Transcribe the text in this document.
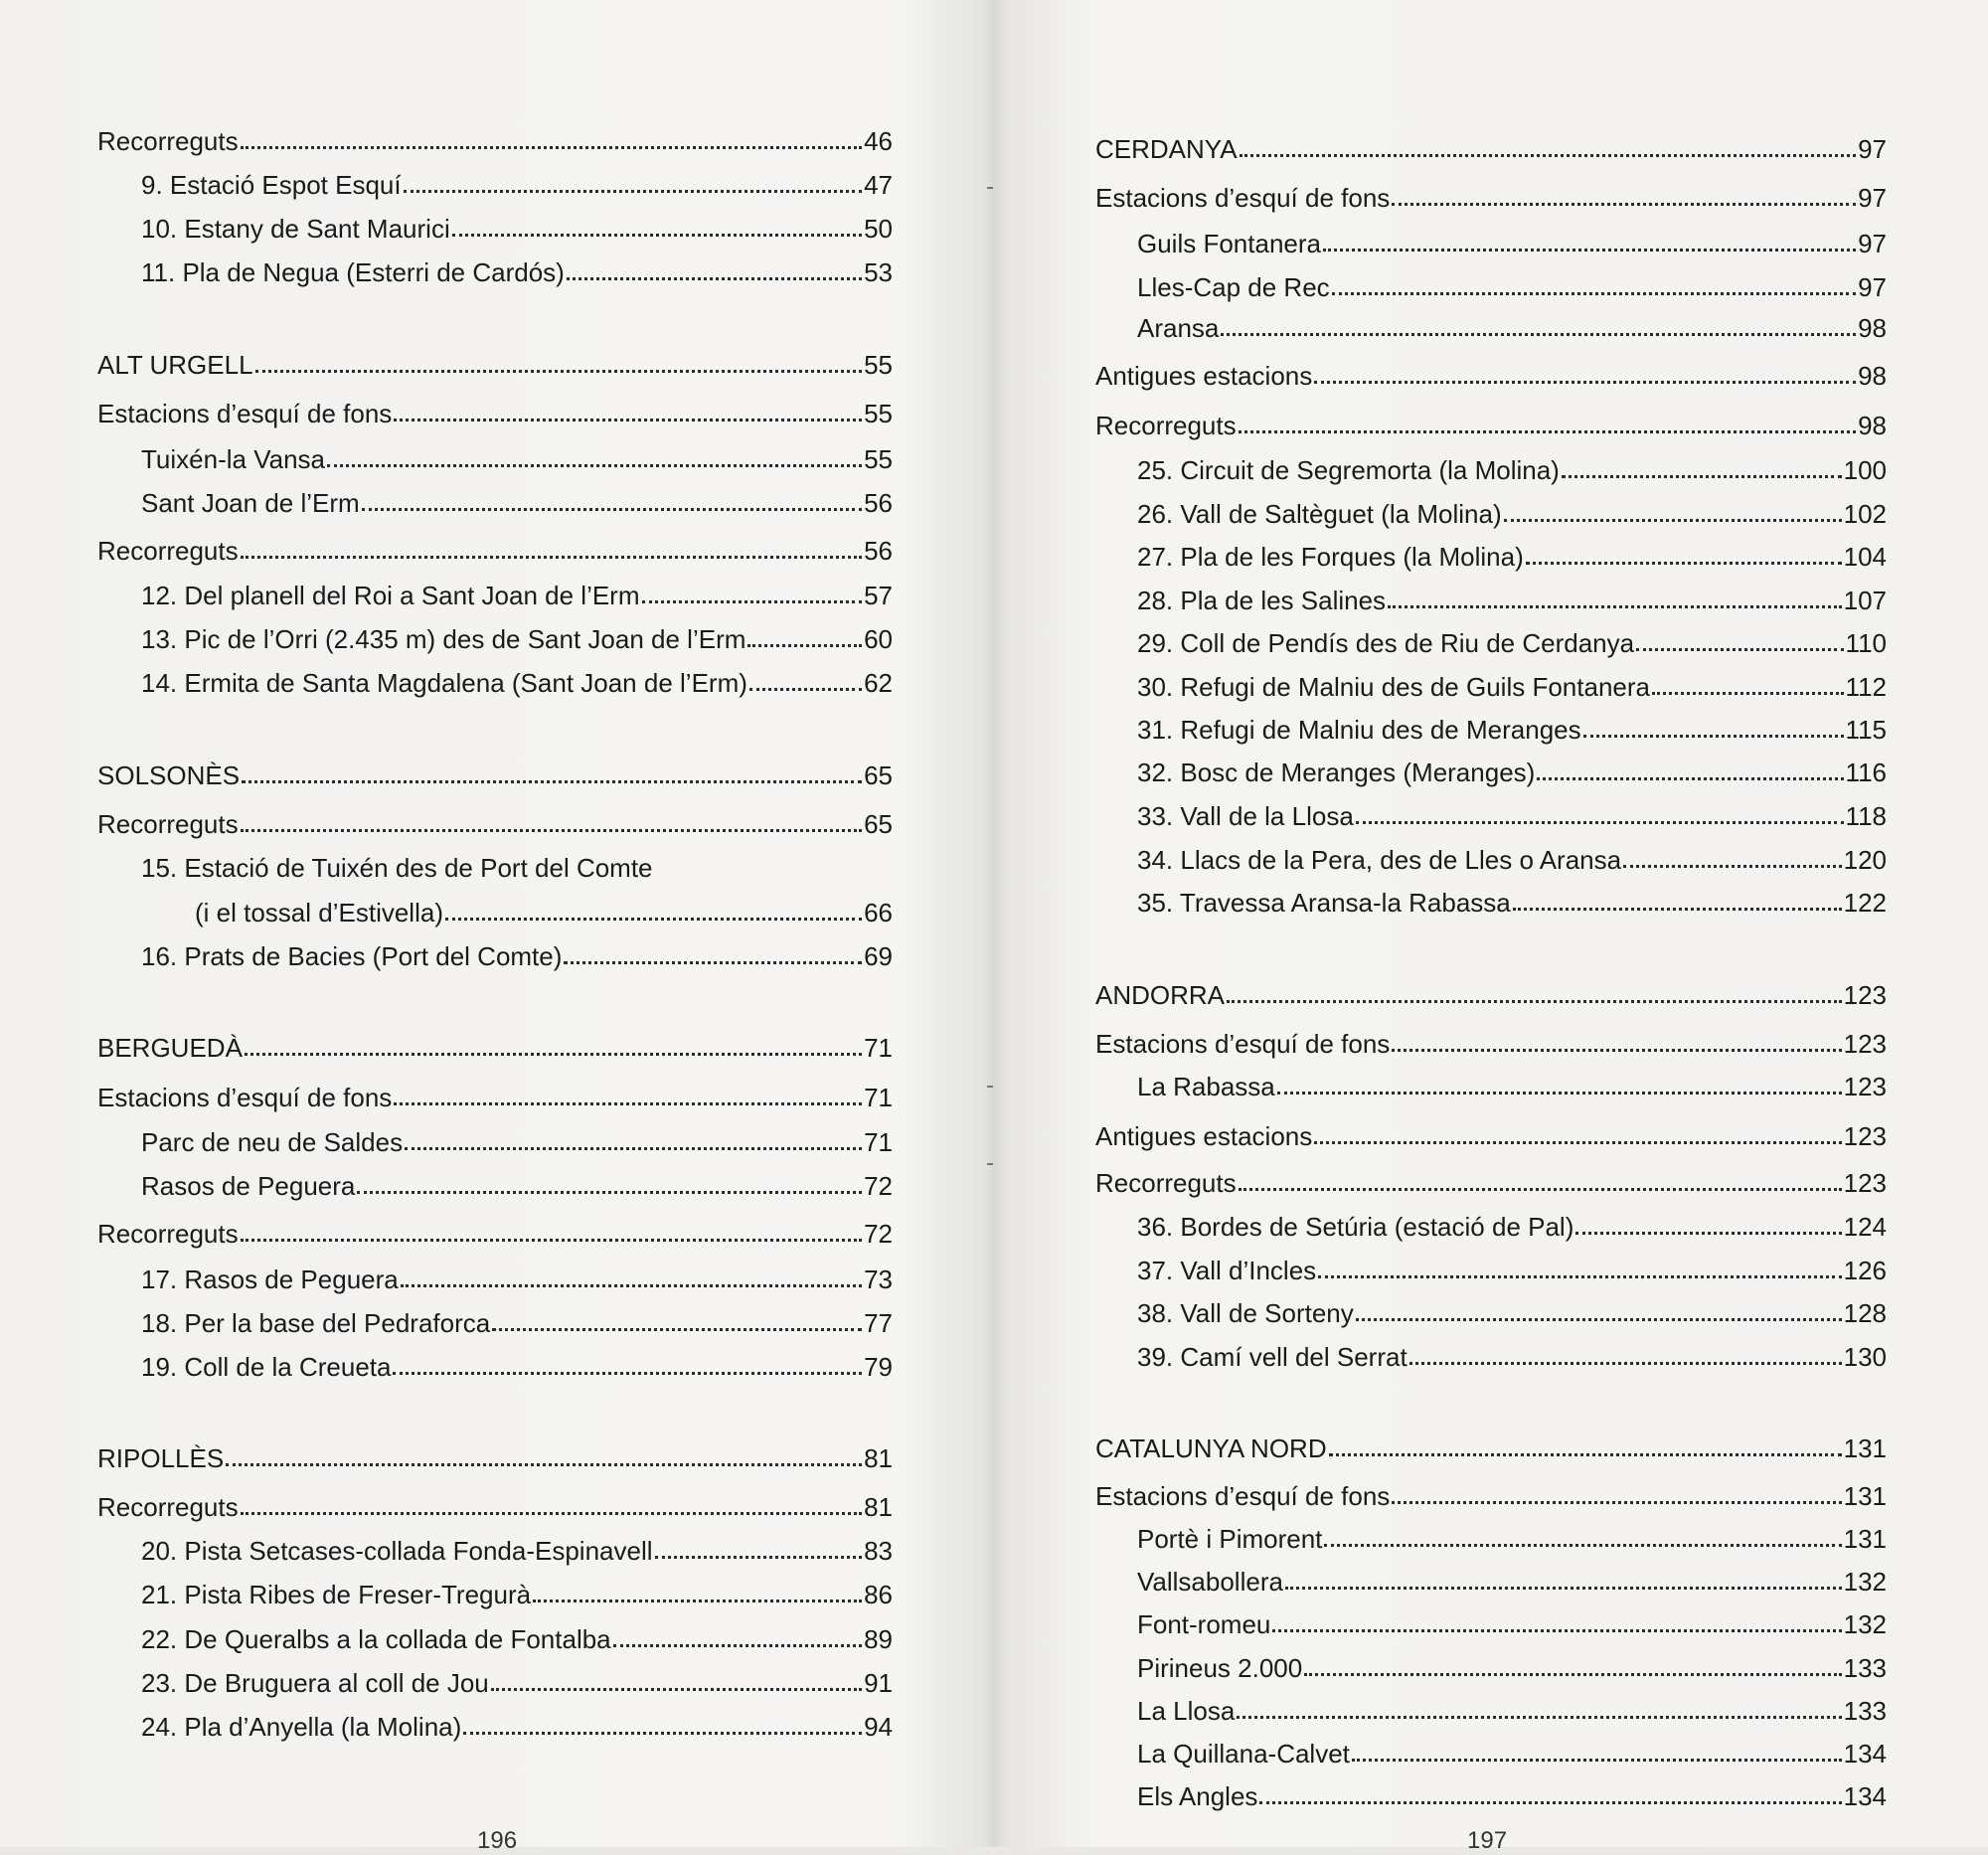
Recorreguts	46
9. Estació Espot Esquí	47
10. Estany de Sant Maurici	50
11. Pla de Negua (Esterri de Cardós)	53
ALT URGELL	55
Estacions d’esquí de fons	55
Tuixén-la Vansa	55
Sant Joan de l’Erm	56
Recorreguts	56
12. Del planell del Roi a Sant Joan de l’Erm	57
13. Pic de l’Orri (2.435 m) des de Sant Joan de l’Erm	60
14. Ermita de Santa Magdalena (Sant Joan de l’Erm)	62
SOLSONÈS	65
Recorreguts	65
15. Estació de Tuixén des de Port del Comte
(i el tossal d’Estivella)	66
16. Prats de Bacies (Port del Comte)	69
BERGUEDÀ	71
Estacions d’esquí de fons	71
Parc de neu de Saldes	71
Rasos de Peguera	72
Recorreguts	72
17. Rasos de Peguera	73
18. Per la base del Pedraforca	77
19. Coll de la Creueta	79
RIPOLLÈS	81
Recorreguts	81
20. Pista Setcases-collada Fonda-Espinavell	83
21. Pista Ribes de Freser-Tregurà	86
22. De Queralbs a la collada de Fontalba	89
23. De Bruguera al coll de Jou	91
24. Pla d’Anyella (la Molina)	94
196
CERDANYA	97
Estacions d’esquí de fons	97
Guils Fontanera	97
Lles-Cap de Rec	97
Aransa	98
Antigues estacions	98
Recorreguts	98
25. Circuit de Segremorta (la Molina)	100
26. Vall de Saltèguet (la Molina)	102
27. Pla de les Forques (la Molina)	104
28. Pla de les Salines	107
29. Coll de Pendís des de Riu de Cerdanya	110
30. Refugi de Malniu des de Guils Fontanera	112
31. Refugi de Malniu des de Meranges	115
32. Bosc de Meranges (Meranges)	116
33. Vall de la Llosa	118
34. Llacs de la Pera, des de Lles o Aransa	120
35. Travessa Aransa-la Rabassa	122
ANDORRA	123
Estacions d’esquí de fons	123
La Rabassa	123
Antigues estacions	123
Recorreguts	123
36. Bordes de Setúria (estació de Pal)	124
37. Vall d’Incles	126
38. Vall de Sorteny	128
39. Camí vell del Serrat	130
CATALUNYA NORD	131
Estacions d’esquí de fons	131
Portè i Pimorent	131
Vallsabollera	132
Font-romeu	132
Pirineus 2.000	133
La Llosa	133
La Quillana-Calvet	134
Els Angles	134
197
